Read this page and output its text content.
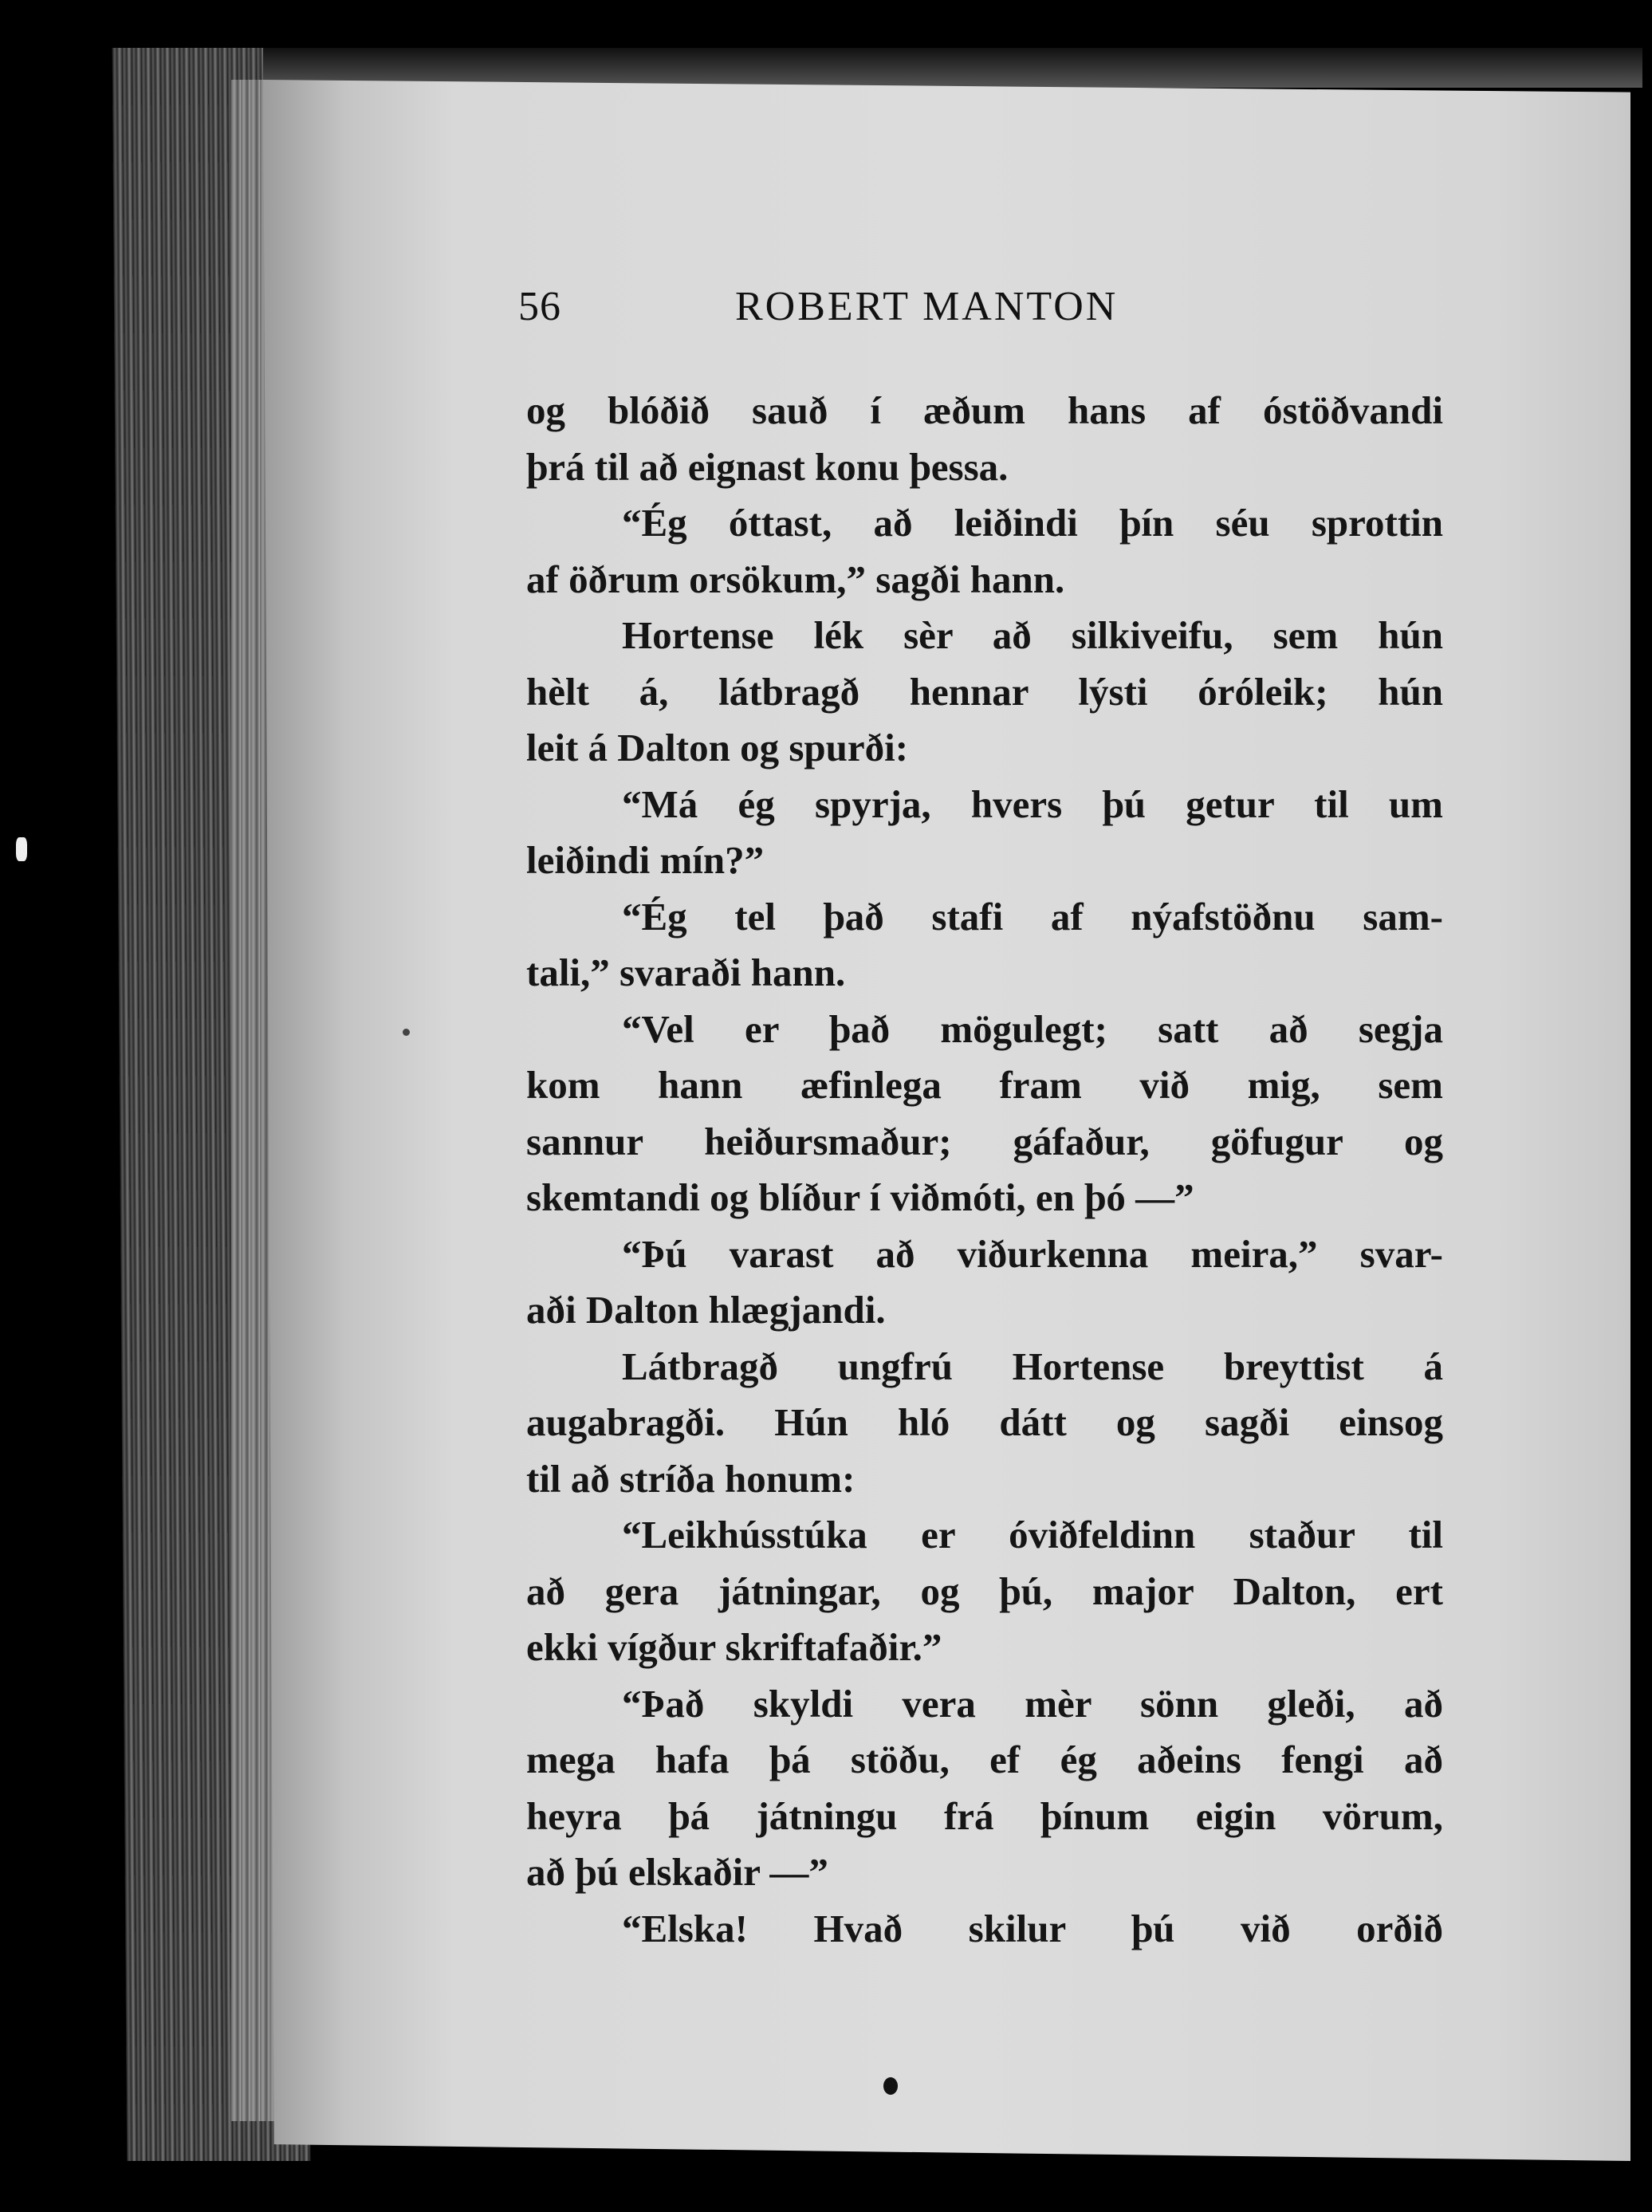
56	ROBERT MANTON
og blóðið sauð í æðum hans af óstöðvandi
þrá til að eignast konu þessa.
“Ég óttast, að leiðindi þín séu sprottin
af öðrum orsökum,” sagði hann.
Hortense lék sèr að silkiveifu, sem hún
hèlt á, látbragð hennar lýsti óróleik; hún
leit á Dalton og spurði:
“Má ég spyrja, hvers þú getur til um
leiðindi mín?”
“Ég tel það stafi af nýafstöðnu sam-
tali,” svaraði hann.
“Vel er það mögulegt; satt að segja
kom hann æfinlega fram við mig, sem
sannur heiðursmaður; gáfaður, göfugur og
skemtandi og blíður í viðmóti, en þó —”
“Þú varast að viðurkenna meira,” svar-
aði Dalton hlægjandi.
Látbragð ungfrú Hortense breyttist á
augabragði. Hún hló dátt og sagði einsog
til að stríða honum:
“Leikhússtúka er óviðfeldinn staður til
að gera játningar, og þú, major Dalton, ert
ekki vígður skriftafaðir.”
“Það skyldi vera mèr sönn gleði, að
mega hafa þá stöðu, ef ég aðeins fengi að
heyra þá játningu frá þínum eigin vörum,
að þú elskaðir —”
“Elska! Hvað skilur þú við orðið
